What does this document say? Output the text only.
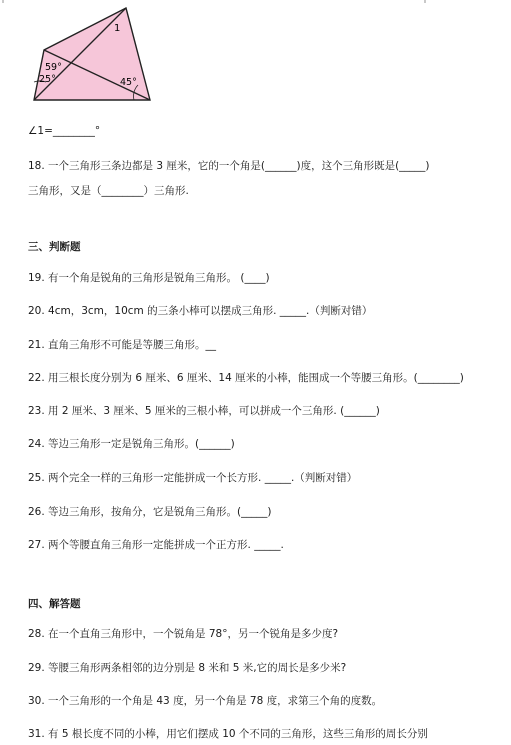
1
59°
25°	45°
∠1=________°
18. 一个三角形三条边都是 3 厘米，它的一个角是(______)度，这个三角形既是(_____)
三角形，又是（________）三角形.
三、判断题
19. 有一个角是锐角的三角形是锐角三角形。 (____)
20. 4cm，3cm，10cm 的三条小棒可以摆成三角形. _____.（判断对错）
21. 直角三角形不可能是等腰三角形。__
22. 用三根长度分别为 6 厘米、6 厘米、14 厘米的小棒，能围成一个等腰三角形。(________)
23. 用 2 厘米、3 厘米、5 厘米的三根小棒，可以拼成一个三角形. (______)
24. 等边三角形一定是锐角三角形。(______)
25. 两个完全一样的三角形一定能拼成一个长方形. _____.（判断对错）
26. 等边三角形，按角分，它是锐角三角形。(_____)
27. 两个等腰直角三角形一定能拼成一个正方形. _____.
四、解答题
28. 在一个直角三角形中，一个锐角是 78°，另一个锐角是多少度?
29. 等腰三角形两条相邻的边分别是 8 米和 5 米,它的周长是多少米?
30. 一个三角形的一个角是 43 度，另一个角是 78 度，求第三个角的度数。
31. 有 5 根长度不同的小棒，用它们摆成 10 个不同的三角形，这些三角形的周长分别
